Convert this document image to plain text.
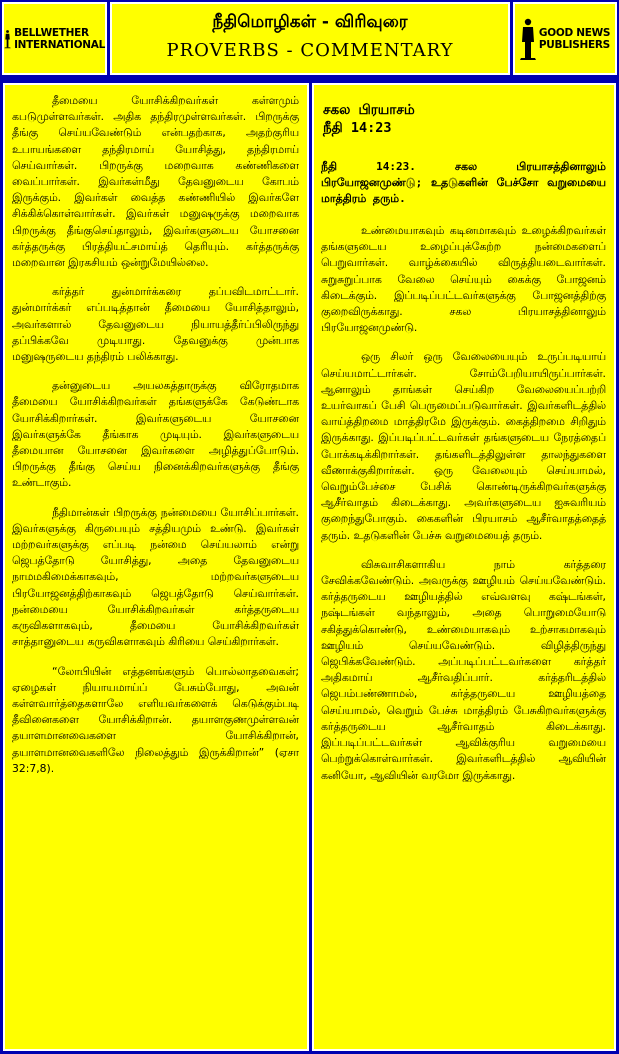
BELLWETHER
INTERNATIONAL
நீதிமொழிகள் - விரிவுரை
PROVERBS - COMMENTARY
GOOD NEWS
PUBLISHERS

தீமையை யோசிக்கிறவர்கள் கள்ளமும் கபடுமுள்ளவர்கள். அதிக தந்திரமுள்ளவர்கள். பிறருக்கு தீங்கு செய்யவேண்டும் என்பதற்காக, அதற்குரிய உபாயங்களை தந்திரமாய் யோசித்து, தந்திரமாய் செய்வார்கள். பிறருக்கு மறைவாக கண்ணிகளை வைப்பார்கள். இவர்கள்மீது தேவனுடைய கோபம் இருக்கும். இவர்கள் வைத்த கண்ணியில் இவர்களே சிக்கிக்கொள்வார்கள். இவர்கள் மனுஷருக்கு மறைவாக பிறருக்கு தீங்குசெய்தாலும், இவர்களுடைய யோசனை கர்த்தருக்கு பிரத்தியட்சமாய்த் தெரியும். கர்த்தருக்கு மறைவான இரகசியம் ஒன்றுமேயில்லை.

கர்த்தர் துன்மார்க்கரை தப்பவிடமாட்டார். துன்மார்க்கர் எப்படித்தான் தீமையை யோசித்தாலும், அவர்களால் தேவனுடைய நியாயத்தீர்ப்பிலிருந்து தப்பிக்கவே முடியாது. தேவனுக்கு முன்பாக மனுஷருடைய தந்திரம் பலிக்காது.

தன்னுடைய அயலகத்தாருக்கு விரோதமாக தீமையை யோசிக்கிறவர்கள் தங்களுக்கே கேடுண்டாக யோசிக்கிறார்கள். இவர்களுடைய யோசனை இவர்களுக்கே தீங்காக முடியும். இவர்களுடைய தீமையான யோசனை இவர்களை அழித்துப்போடும். பிறருக்கு தீங்கு செய்ய நினைக்கிறவர்களுக்கு தீங்கு உண்டாகும்.

நீதிமான்கள் பிறருக்கு நன்மையை யோசிப்பார்கள். இவர்களுக்கு கிருபையும் சத்தியமும் உண்டு. இவர்கள் மற்றவர்களுக்கு எப்படி நன்மை செய்யலாம் என்று ஜெபத்தோடு யோசித்து, அதை தேவனுடைய நாமமகிமைக்காகவும், மற்றவர்களுடைய பிரயோஜனத்திற்காகவும் ஜெபத்தோடு செய்வார்கள். நன்மையை யோசிக்கிறவர்கள் கர்த்தருடைய கருவிகளாகவும், தீமையை யோசிக்கிறவர்கள் சாத்தானுடைய கருவிகளாகவும் கிரியை செய்கிறார்கள்.

“லோபியின் எத்தனங்களும் பொல்லாதவைகள்; ஏழைகள் நியாயமாய்ப் பேசும்போது, அவன் கள்ளவார்த்தைகளாலே எளியவர்களைக் கெடுக்கும்படி தீவினைகளை யோசிக்கிறான். தயாளகுணமுள்ளவன் தயாளமானவைகளை யோசிக்கிறான், தயாளமானவைகளிலே நிலைத்தும் இருக்கிறான்” (ஏசா 32:7,8).

சகல பிரயாசம்
நீதி 14:23
நீதி 14:23. சகல பிரயாசத்தினாலும் பிரயோஜனமுண்டு; உதடுகளின் பேச்சோ வறுமையை மாத்திரம் தரும்.

உண்மையாகவும் கடினமாகவும் உழைக்கிறவர்கள் தங்களுடைய உழைப்புக்கேற்ற நன்மைகளைப் பெறுவார்கள். வாழ்க்கையில் விருத்தியடைவார்கள். சுறுசுறுப்பாக வேலை செய்யும் கைக்கு போஜனம் கிடைக்கும். இப்படிப்பட்டவர்களுக்கு போஜனத்திற்கு குறைவிருக்காது. சகல பிரயாசத்தினாலும் பிரயோஜனமுண்டு.

ஒரு சிலர் ஒரு வேலையையும் உருப்படியாய் செய்யமாட்டார்கள். சோம்பேறியாயிருப்பார்கள். ஆனாலும் தாங்கள் செய்கிற வேலையைப்பற்றி உயர்வாகப் பேசி பெருமைப்படுவார்கள். இவர்களிடத்தில் வாய்த்திறமை மாத்திரமே இருக்கும். கைத்திறமை சிறிதும் இருக்காது. இப்படிப்பட்டவர்கள் தங்களுடைய நேரத்தைப் போக்கடிக்கிறார்கள். தங்களிடத்திலுள்ள தாலந்துகளை வீணாக்குகிறார்கள். ஒரு வேலையும் செய்யாமல், வெறும்பேச்சை பேசிக் கொண்டிருக்கிறவர்களுக்கு ஆசீர்வாதம் கிடைக்காது. அவர்களுடைய ஐசுவரியம் குறைந்துபோகும். கைகளின் பிரயாசம் ஆசீர்வாதத்தைத் தரும். உதடுகளின் பேச்சு வறுமையைத் தரும்.

விசுவாசிகளாகிய நாம் கர்த்தரை சேவிக்கவேண்டும். அவருக்கு ஊழியம் செய்யவேண்டும். கர்த்தருடைய ஊழியத்தில் எவ்வளவு கஷ்டங்கள், நஷ்டங்கள் வந்தாலும், அதை பொறுமையோடு சகித்துக்கொண்டு, உண்மையாகவும் உற்சாகமாகவும் ஊழியம் செய்யவேண்டும். விழித்திருந்து ஜெபிக்கவேண்டும். அப்படிப்பட்டவர்களை கர்த்தர் அதிகமாய் ஆசீர்வதிப்பார். கர்த்தரிடத்தில் ஜெபம்பண்ணாமல், கர்த்தருடைய ஊழியத்தை செய்யாமல், வெறும் பேச்சு மாத்திரம் பேசுகிறவர்களுக்கு கர்த்தருடைய ஆசீர்வாதம் கிடைக்காது. இப்படிப்பட்டவர்கள் ஆவிக்குரிய வறுமையை பெற்றுக்கொள்வார்கள். இவர்களிடத்தில் ஆவியின் கனியோ, ஆவியின் வரமோ இருக்காது.
